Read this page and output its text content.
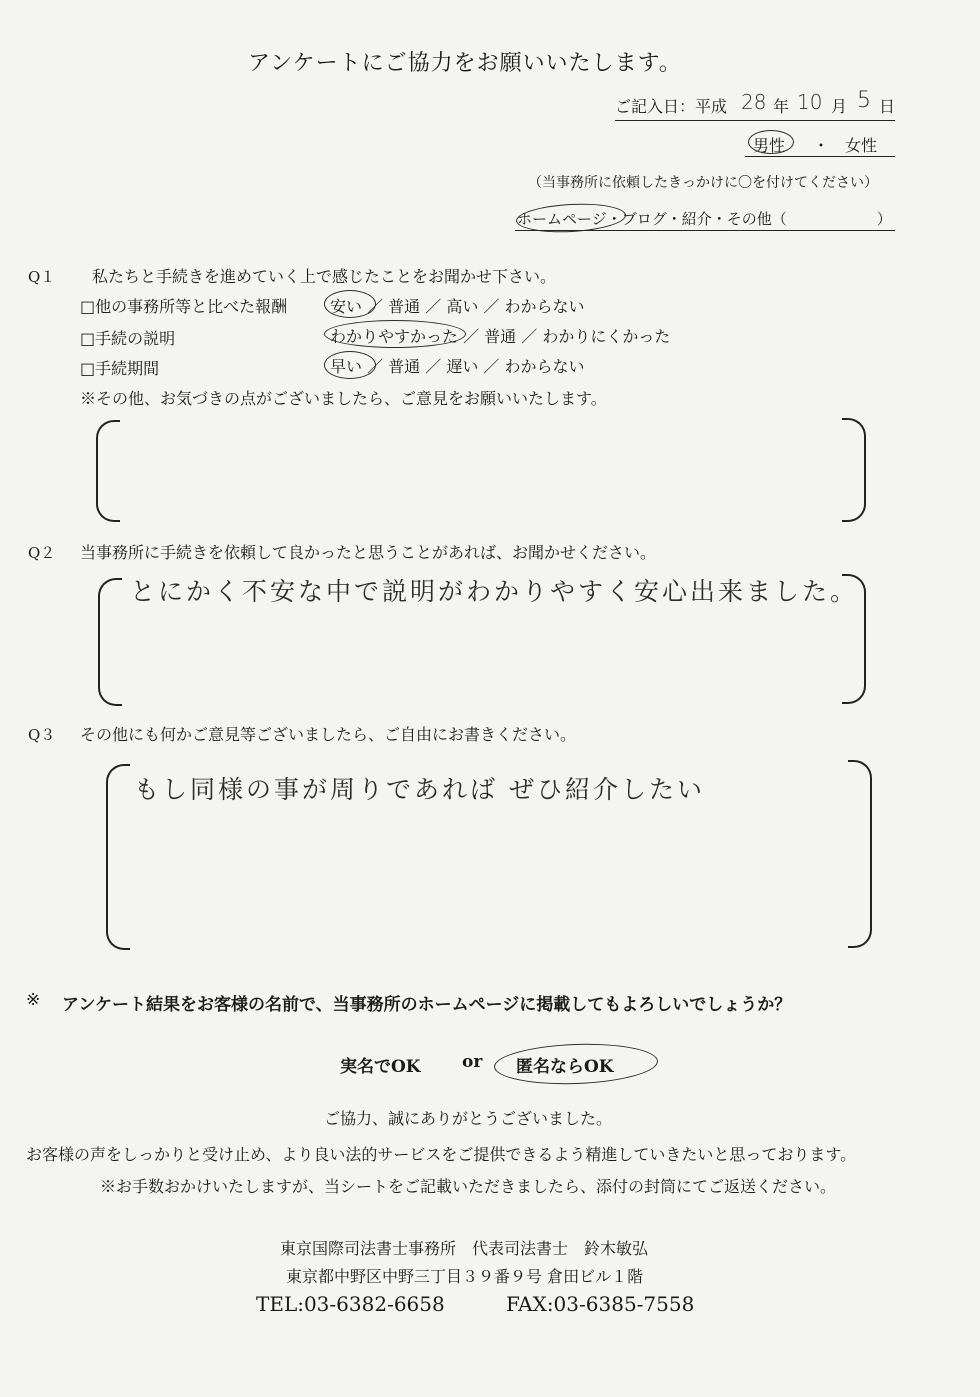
アンケートにご協力をお願いいたします。
ご記入日：平成 28 年 10 月 5 日
男性 ・ 女性
（当事務所に依頼したきっかけに〇を付けてください）
ホームページ・ブログ・紹介・その他（　　　　　　）
Q１ 私たちと手続きを進めていく上で感じたことをお聞かせ下さい。
□他の事務所等と比べた報酬	安い ／ 普通 ／ 高い ／ わからない
□手続の説明	わかりやすかった ／ 普通 ／ わかりにくかった
□手続期間	早い ／ 普通 ／ 遅い ／ わからない
※その他、お気づきの点がございましたら、ご意見をお願いいたします。
Q２ 当事務所に手続きを依頼して良かったと思うことがあれば、お聞かせください。
とにかく不安な中で説明がわかりやすく安心出来ました。
Q３ その他にも何かご意見等ございましたら、ご自由にお書きください。
もし同様の事が周りであれば ぜひ紹介したい
※ アンケート結果をお客様の名前で、当事務所のホームページに掲載してもよろしいでしょうか？
実名でOK or 匿名ならOK
ご協力、誠にありがとうございました。
お客様の声をしっかりと受け止め、より良い法的サービスをご提供できるよう精進していきたいと思っております。
※お手数おかけいたしますが、当シートをご記載いただきましたら、添付の封筒にてご返送ください。
東京国際司法書士事務所　代表司法書士　鈴木敏弘
東京都中野区中野三丁目３９番９号 倉田ビル１階
TEL:03-6382-6658	FAX:03-6385-7558
